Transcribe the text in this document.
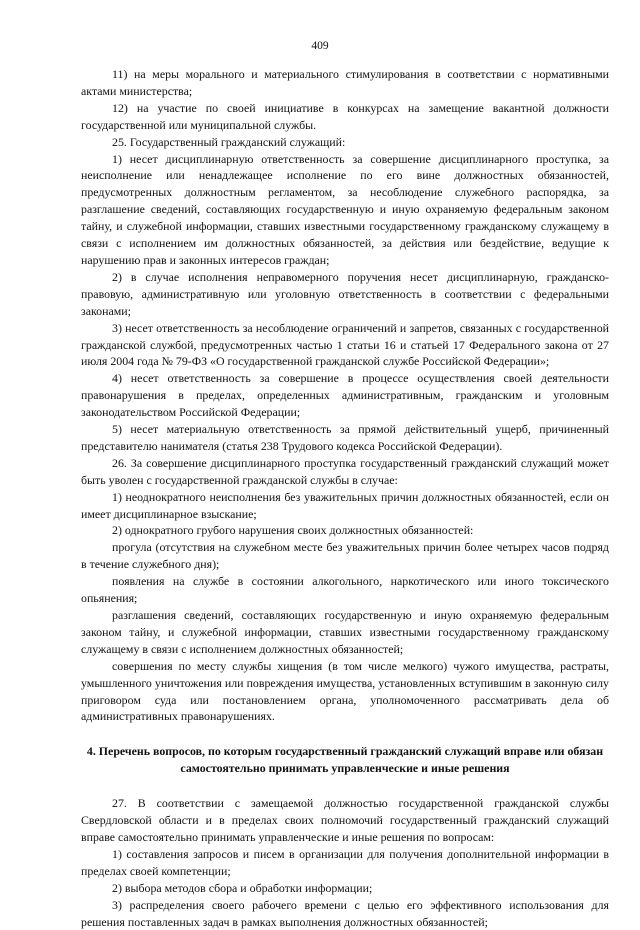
409

11) на меры морального и материального стимулирования в соответствии с нормативными актами министерства;

12) на участие по своей инициативе в конкурсах на замещение вакантной должности государственной или муниципальной службы.

25. Государственный гражданский служащий:

1) несет дисциплинарную ответственность за совершение дисциплинарного проступка, за неисполнение или ненадлежащее исполнение по его вине должностных обязанностей, предусмотренных должностным регламентом, за несоблюдение служебного распорядка, за разглашение сведений, составляющих государственную и иную охраняемую федеральным законом тайну, и служебной информации, ставших известными государственному гражданскому служащему в связи с исполнением им должностных обязанностей, за действия или бездействие, ведущие к нарушению прав и законных интересов граждан;

2) в случае исполнения неправомерного поручения несет дисциплинарную, гражданско-правовую, административную или уголовную ответственность в соответствии с федеральными законами;

3) несет ответственность за несоблюдение ограничений и запретов, связанных с государственной гражданской службой, предусмотренных частью 1 статьи 16 и статьей 17 Федерального закона от 27 июля 2004 года № 79-ФЗ «О государственной гражданской службе Российской Федерации»;

4) несет ответственность за совершение в процессе осуществления своей деятельности правонарушения в пределах, определенных административным, гражданским и уголовным законодательством Российской Федерации;

5) несет материальную ответственность за прямой действительный ущерб, причиненный представителю нанимателя (статья 238 Трудового кодекса Российской Федерации).

26. За совершение дисциплинарного проступка государственный гражданский служащий может быть уволен с государственной гражданской службы в случае:

1) неоднократного неисполнения без уважительных причин должностных обязанностей, если он имеет дисциплинарное взыскание;

2) однократного грубого нарушения своих должностных обязанностей:

прогула (отсутствия на служебном месте без уважительных причин более четырех часов подряд в течение служебного дня);

появления на службе в состоянии алкогольного, наркотического или иного токсического опьянения;

разглашения сведений, составляющих государственную и иную охраняемую федеральным законом тайну, и служебной информации, ставших известными государственному гражданскому служащему в связи с исполнением должностных обязанностей;

совершения по месту службы хищения (в том числе мелкого) чужого имущества, растраты, умышленного уничтожения или повреждения имущества, установленных вступившим в законную силу приговором суда или постановлением органа, уполномоченного рассматривать дела об административных правонарушениях.

4. Перечень вопросов, по которым государственный гражданский служащий вправе или обязан самостоятельно принимать управленческие и иные решения

27. В соответствии с замещаемой должностью государственной гражданской службы Свердловской области и в пределах своих полномочий государственный гражданский служащий вправе самостоятельно принимать управленческие и иные решения по вопросам:

1) составления запросов и писем в организации для получения дополнительной информации в пределах своей компетенции;

2) выбора методов сбора и обработки информации;

3) распределения своего рабочего времени с целью его эффективного использования для решения поставленных задач в рамках выполнения должностных обязанностей;
